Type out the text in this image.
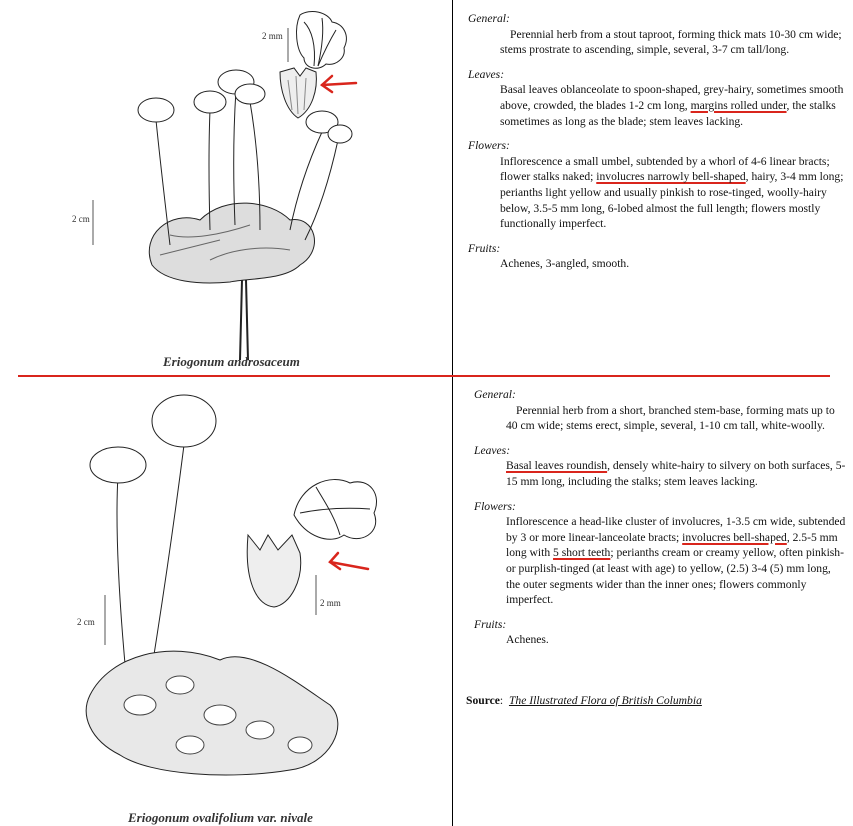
2 mm
2 cm
Eriogonum androsaceum

General:

Perennial herb from a stout taproot, forming thick mats 10-30 cm wide; stems prostrate to ascending, simple, several, 3-7 cm tall/long.

Leaves:

Basal leaves oblanceolate to spoon-shaped, grey-hairy, sometimes smooth above, crowded, the blades 1-2 cm long, margins rolled under, the stalks sometimes as long as the blade; stem leaves lacking.

Flowers:

Inflorescence a small umbel, subtended by a whorl of 4-6 linear bracts; flower stalks naked; involucres narrowly bell-shaped, hairy, 3-4 mm long; perianths light yellow and usually pinkish to rose-tinged, woolly-hairy below, 3.5-5 mm long, 6-lobed almost the full length; flowers mostly functionally imperfect.

Fruits:

Achenes, 3-angled, smooth.

2 mm
2 cm
Eriogonum ovalifolium var. nivale

General:

Perennial herb from a short, branched stem-base, forming mats up to 40 cm wide; stems erect, simple, several, 1-10 cm tall, white-woolly.

Leaves:

Basal leaves roundish, densely white-hairy to silvery on both surfaces, 5-15 mm long, including the stalks; stem leaves lacking.

Flowers:

Inflorescence a head-like cluster of involucres, 1-3.5 cm wide, subtended by 3 or more linear-lanceolate bracts; involucres bell-shaped, 2.5-5 mm long with 5 short teeth; perianths cream or creamy yellow, often pinkish- or purplish-tinged (at least with age) to yellow, (2.5) 3-4 (5) mm long, the outer segments wider than the inner ones; flowers commonly imperfect.

Fruits:

Achenes.

Source: The Illustrated Flora of British Columbia
